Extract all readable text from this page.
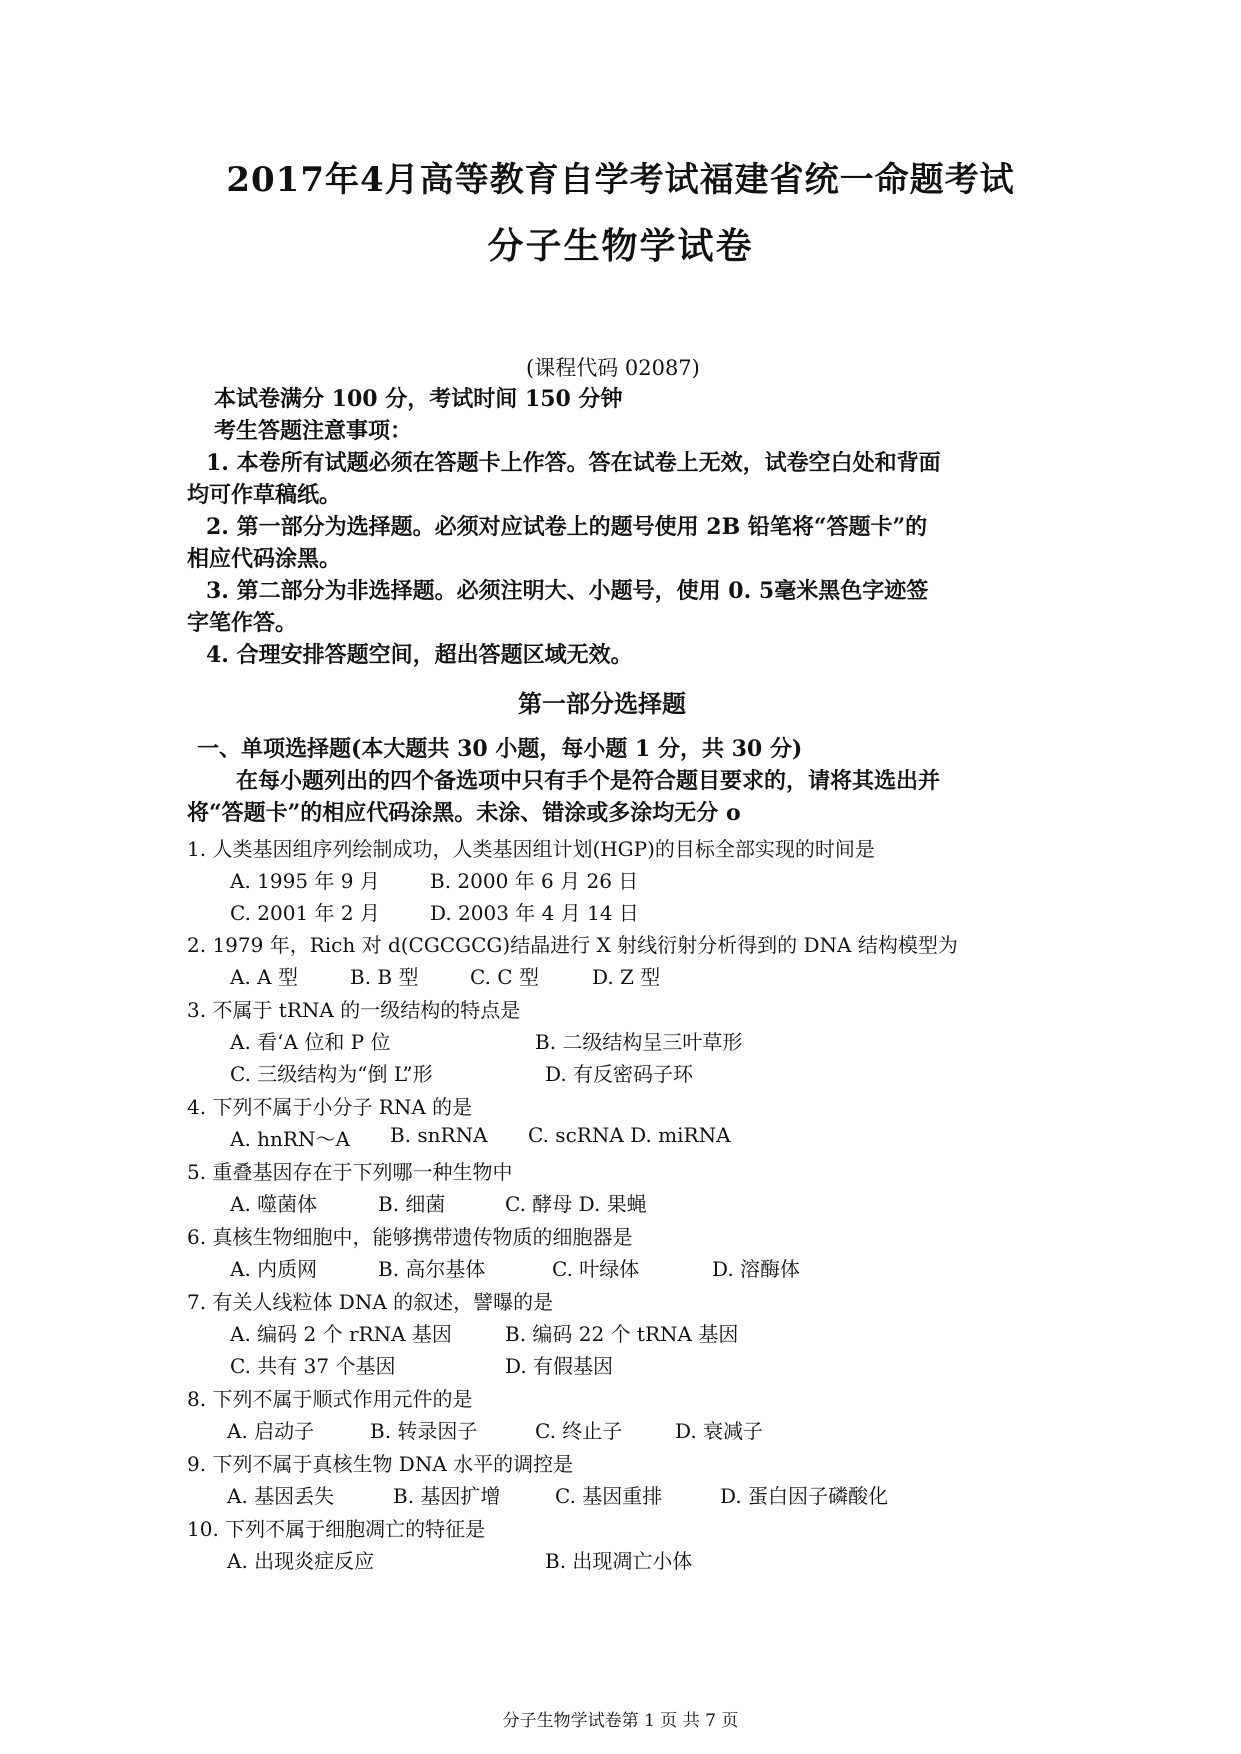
2017年4月高等教育自学考试福建省统一命题考试
分子生物学试卷
(课程代码 02087)
本试卷满分 100 分，考试时间 150 分钟
考生答题注意事项：
1. 本卷所有试题必须在答题卡上作答。答在试卷上无效，试卷空白处和背面
均可作草稿纸。
2. 第一部分为选择题。必须对应试卷上的题号使用 2B 铅笔将“答题卡”的
相应代码涂黑。
3. 第二部分为非选择题。必须注明大、小题号，使用 0. 5毫米黑色字迹签
字笔作答。
4. 合理安排答题空间，超出答题区域无效。
第一部分选择题
一、单项选择题(本大题共 30 小题，每小题 1 分，共 30 分)
在每小题列出的四个备选项中只有手个是符合题目要求的，请将其选出并
将“答题卡”的相应代码涂黑。未涂、错涂或多涂均无分 o
1. 人类基因组序列绘制成功，人类基因组计划(HGP)的目标全部实现的时间是
A. 1995 年 9 月	B. 2000 年 6 月 26 日
C. 2001 年 2 月	D. 2003 年 4 月 14 日
2. 1979 年，Rich 对 d(CGCGCG)结晶进行 X 射线衍射分析得到的 DNA 结构模型为
A. A 型	B. B 型	C. C 型	D. Z 型
3. 不属于 tRNA 的一级结构的特点是
A. 看‘A 位和 P 位	B. 二级结构呈三叶草形
C. 三级结构为“倒 L”形	D. 有反密码子环
4. 下列不属于小分子 RNA 的是
A. hnRN～A B. snRNA C. scRNA D. miRNA
5. 重叠基因存在于下列哪一种生物中
A. 噬菌体	B. 细菌	C. 酵母 D. 果蝇
6. 真核生物细胞中，能够携带遗传物质的细胞器是
A. 内质网	B. 高尔基体	C. 叶绿体	D. 溶酶体
7. 有关人线粒体 DNA 的叙述，譬曝的是
A. 编码 2 个 rRNA 基因	B. 编码 22 个 tRNA 基因
C. 共有 37 个基因	D. 有假基因
8. 下列不属于顺式作用元件的是
A. 启动子	B. 转录因子	C. 终止子	D. 衰减子
9. 下列不属于真核生物 DNA 水平的调控是
A. 基因丢失	B. 基因扩增	C. 基因重排	D. 蛋白因子磷酸化
10. 下列不属于细胞凋亡的特征是
A. 出现炎症反应	B. 出现凋亡小体
分子生物学试卷第 1 页 共 7 页
